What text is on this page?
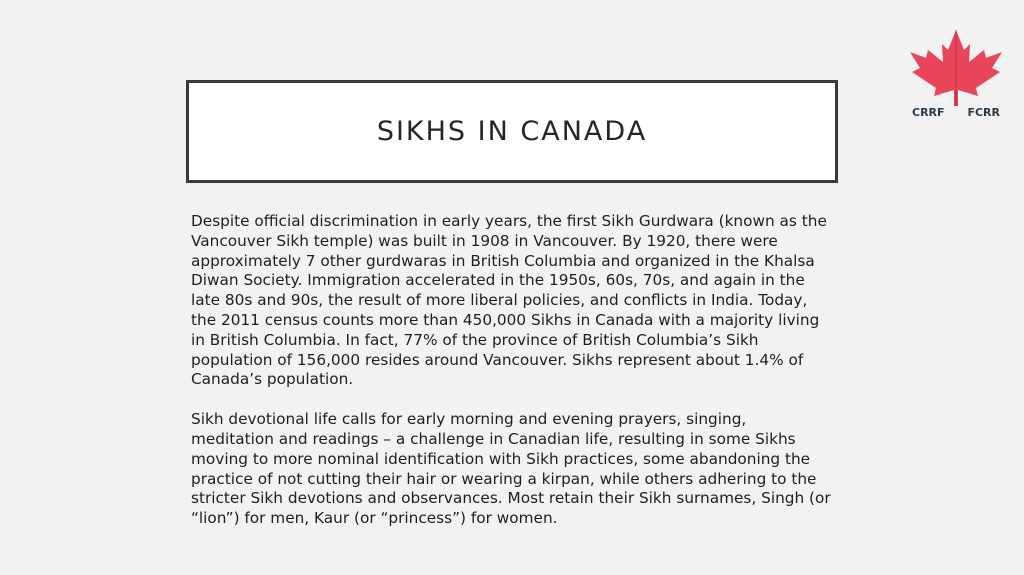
CRRF FCRR
SIKHS IN CANADA

Despite official discrimination in early years, the first Sikh Gurdwara (known as the Vancouver Sikh temple) was built in 1908 in Vancouver. By 1920, there were approximately 7 other gurdwaras in British Columbia and organized in the Khalsa Diwan Society. Immigration accelerated in the 1950s, 60s, 70s, and again in the late 80s and 90s, the result of more liberal policies, and conflicts in India. Today, the 2011 census counts more than 450,000 Sikhs in Canada with a majority living in British Columbia. In fact, 77% of the province of British Columbia’s Sikh population of 156,000 resides around Vancouver. Sikhs represent about 1.4% of Canada’s population.

Sikh devotional life calls for early morning and evening prayers, singing, meditation and readings – a challenge in Canadian life, resulting in some Sikhs moving to more nominal identification with Sikh practices, some abandoning the practice of not cutting their hair or wearing a kirpan, while others adhering to the stricter Sikh devotions and observances. Most retain their Sikh surnames, Singh (or “lion”) for men, Kaur (or “princess”) for women.
